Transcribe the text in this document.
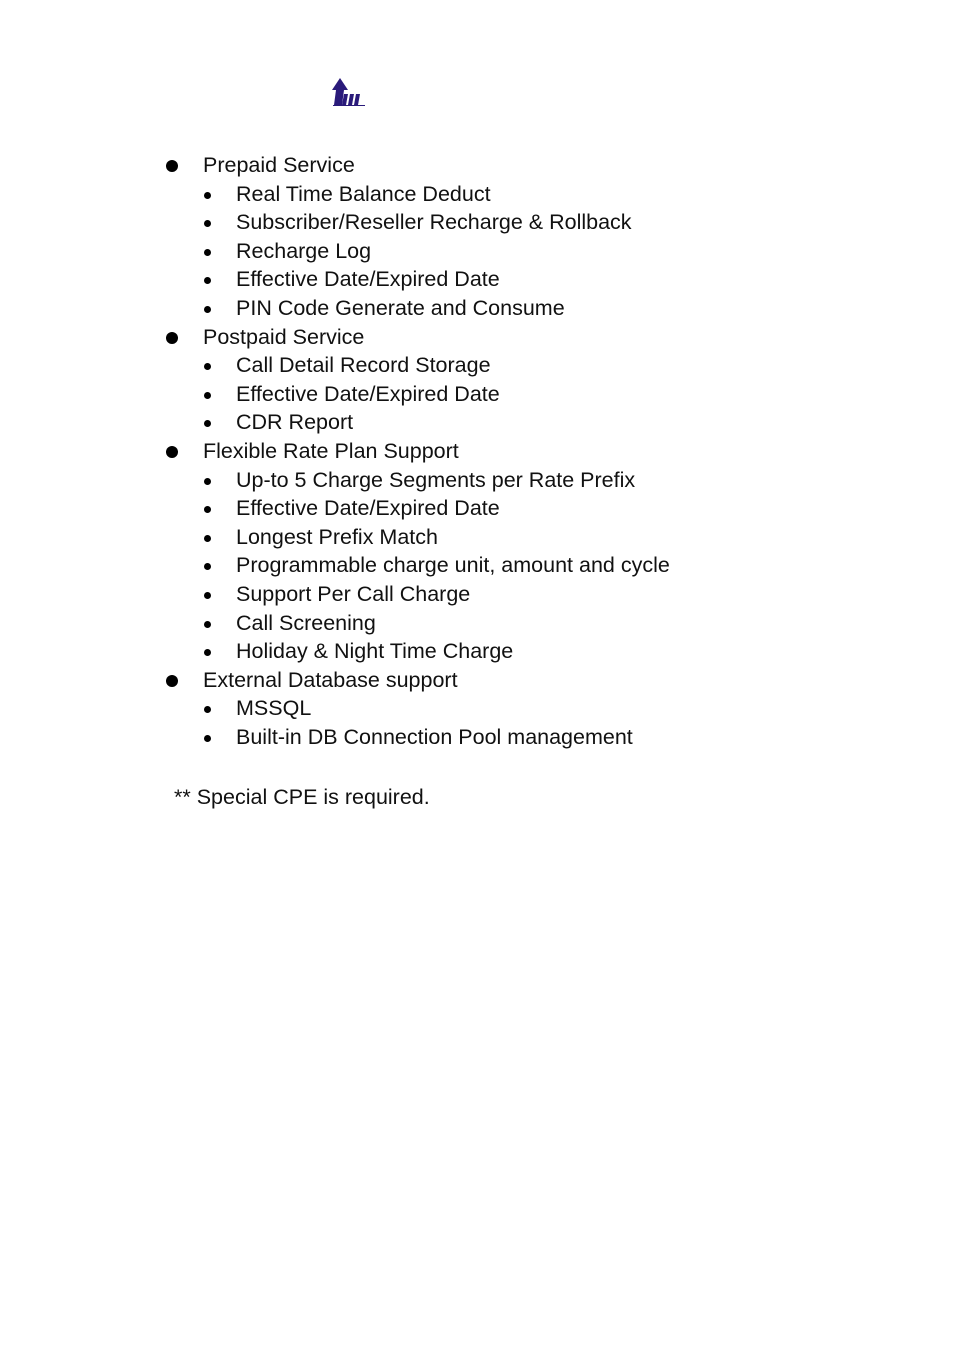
Prepaid Service
Real Time Balance Deduct
Subscriber/Reseller Recharge & Rollback
Recharge Log
Effective Date/Expired Date
PIN Code Generate and Consume
Postpaid Service
Call Detail Record Storage
Effective Date/Expired Date
CDR Report
Flexible Rate Plan Support
Up-to 5 Charge Segments per Rate Prefix
Effective Date/Expired Date
Longest Prefix Match
Programmable charge unit, amount and cycle
Support Per Call Charge
Call Screening
Holiday & Night Time Charge
External Database support
MSSQL
Built-in DB Connection Pool management
** Special CPE is required.
